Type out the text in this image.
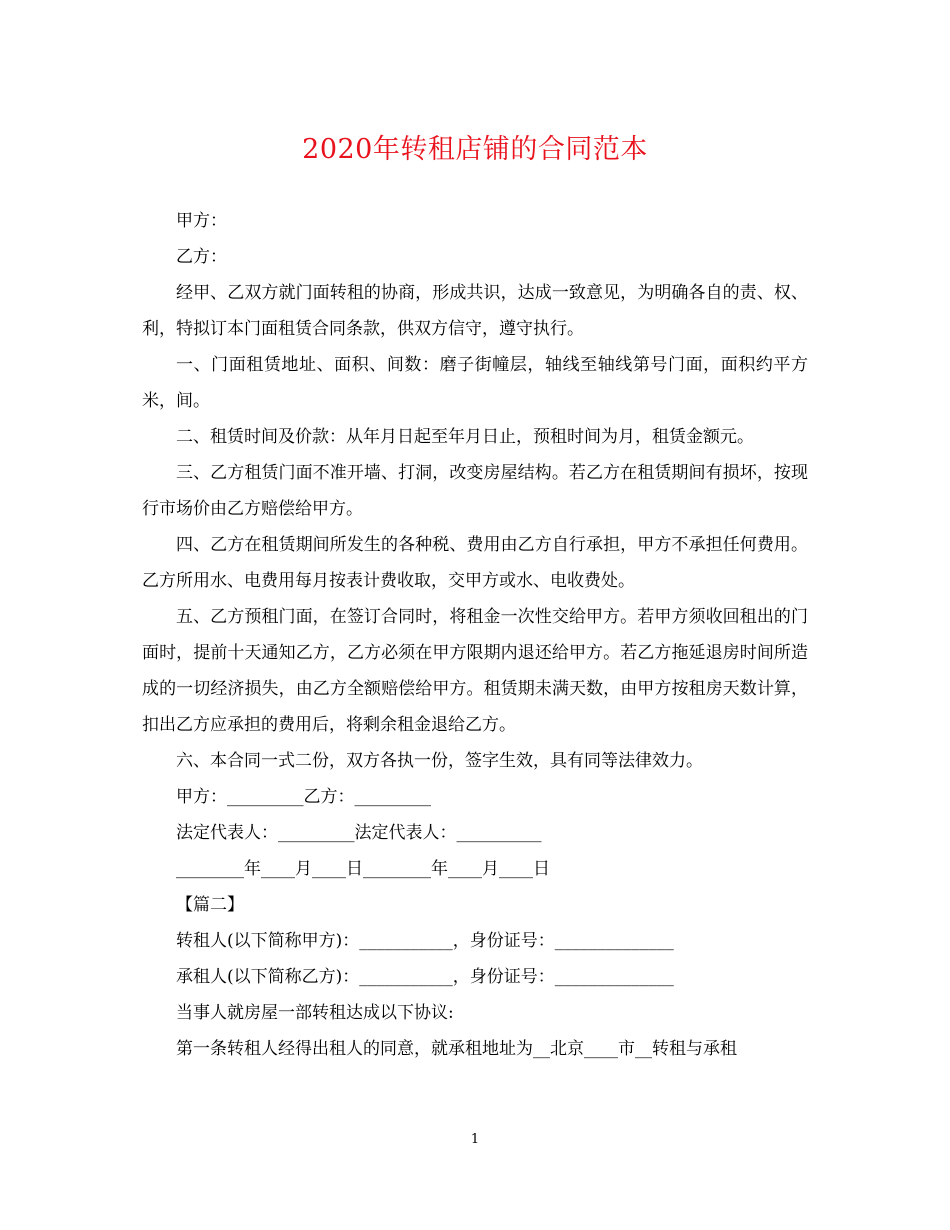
2020年转租店铺的合同范本

甲方：

乙方：

经甲、乙双方就门面转租的协商，形成共识，达成一致意见，为明确各自的责、权、利，特拟订本门面租赁合同条款，供双方信守，遵守执行。

一、门面租赁地址、面积、间数：磨子街幢层，轴线至轴线第号门面，面积约平方米，间。

二、租赁时间及价款：从年月日起至年月日止，预租时间为月，租赁金额元。

三、乙方租赁门面不准开墙、打洞，改变房屋结构。若乙方在租赁期间有损坏，按现行市场价由乙方赔偿给甲方。

四、乙方在租赁期间所发生的各种税、费用由乙方自行承担，甲方不承担任何费用。乙方所用水、电费用每月按表计费收取，交甲方或水、电收费处。

五、乙方预租门面，在签订合同时，将租金一次性交给甲方。若甲方须收回租出的门面时，提前十天通知乙方，乙方必须在甲方限期内退还给甲方。若乙方拖延退房时间所造成的一切经济损失，由乙方全额赔偿给甲方。租赁期未满天数，由甲方按租房天数计算，扣出乙方应承担的费用后，将剩余租金退给乙方。

六、本合同一式二份，双方各执一份，签字生效，具有同等法律效力。

甲方：_________乙方：_________

法定代表人：_________法定代表人：__________

________年____月____日________年____月____日

【篇二】

转租人(以下简称甲方)：___________，身份证号：______________

承租人(以下简称乙方)：___________，身份证号：______________

当事人就房屋一部转租达成以下协议:

第一条转租人经得出租人的同意，就承租地址为__北京____市__转租与承租

1
